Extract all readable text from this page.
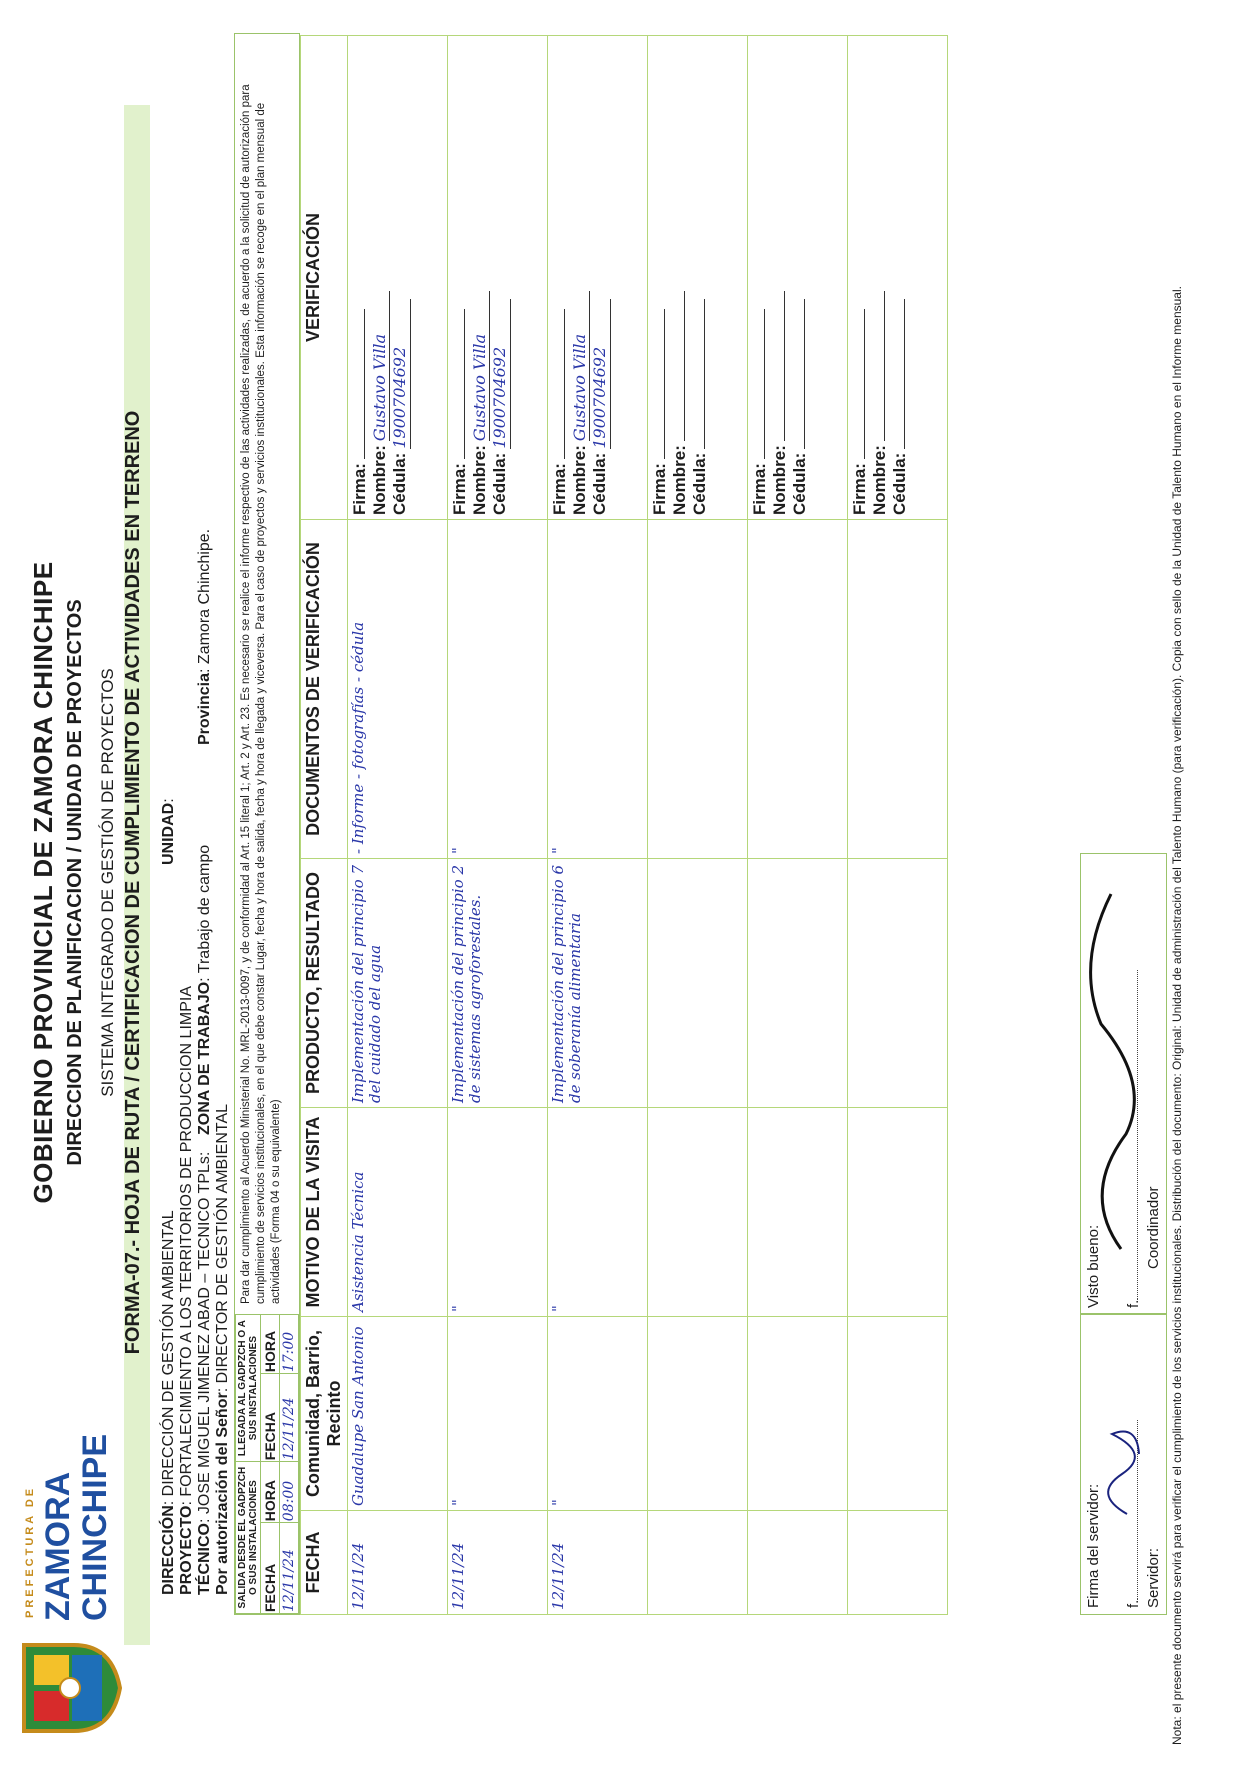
GOBIERNO PROVINCIAL DE ZAMORA CHINCHIPE DIRECCION DE PLANIFICACION / UNIDAD DE PROYECTOS SISTEMA INTEGRADO DE GESTIÓN DE PROYECTOS FORMA-07.- HOJA DE RUTA / CERTIFICACION DE CUMPLIMIENTO DE ACTIVIDADES EN TERRENO
PREFECTURA DE ZAMORA CHINCHIPE	DIRECCIÓN: DIRECCIÓN DE GESTIÓN AMBIENTAL
UNIDAD:
PROYECTO: FORTALECIMIENTO A LOS TERRITORIOS DE PRODUCCION LIMPIA
TÉCNICO: JOSE MIGUEL JIMENEZ ABAD – TECNICO TPLs:
ZONA DE TRABAJO: Trabajo de campo
Provincia: Zamora Chinchipe.
Por autorización del Señor: DIRECTOR DE GESTIÓN AMBIENTAL
SALIDA DESDE EL GADPZCH O SUS INSTALACIONES		LLEGADA AL GADPZCH O A SUS INSTALACIONES	
FECHA	HORA	FECHA	HORA
12/11/24	08:00	12/11/24	17:00
Para dar cumplimiento al Acuerdo Ministerial No. MRL-2013-0097, y de conformidad al Art. 15 literal 1; Art. 2 y Art. 23. Es necesario se realice el informe respectivo de las actividades realizadas, de acuerdo a la solicitud de autorización para cumplimiento de servicios institucionales, en el que debe constar Lugar, fecha y hora de salida, fecha y hora de llegada y viceversa. Para el caso de proyectos y servicios institucionales. Esta información se recoge en el plan mensual de actividades (Forma 04 o su equivalente)
FECHA	Comunidad, Barrio, Recinto	MOTIVO DE LA VISITA	PRODUCTO, RESULTADO	DOCUMENTOS DE VERIFICACIÓN	VERIFICACIÓN
12/11/24	Guadalupe San Antonio	Asistencia Técnica	Implementación del principio 7 del cuidado del agua	- Informe - fotografías - cédula	Firma: Nombre:Gustavo Villa
Cédula:1900704692

12/11/24	"	"	Implementación del principio 2 de sistemas agroforestales.	"	Firma: Nombre:Gustavo Villa
Cédula:1900704692

12/11/24	"	"	Implementación del principio 6 de soberanía alimentaria	"	Firma: Nombre:Gustavo Villa
Cédula:1900704692

					Firma: Nombre: Cédula:

					Firma: Nombre: Cédula:

					Firma: Nombre: Cédula:
Firma del servidor: f. Servidor:
Visto bueno: f.
Coordinador Nota: el presente documento servirá para verificar el cumplimiento de los servicios institucionales. Distribución del documento: Original: Unidad de administración del Talento Humano (para verificación). Copia con sello de la Unidad de Talento Humano en el Informe mensual.
